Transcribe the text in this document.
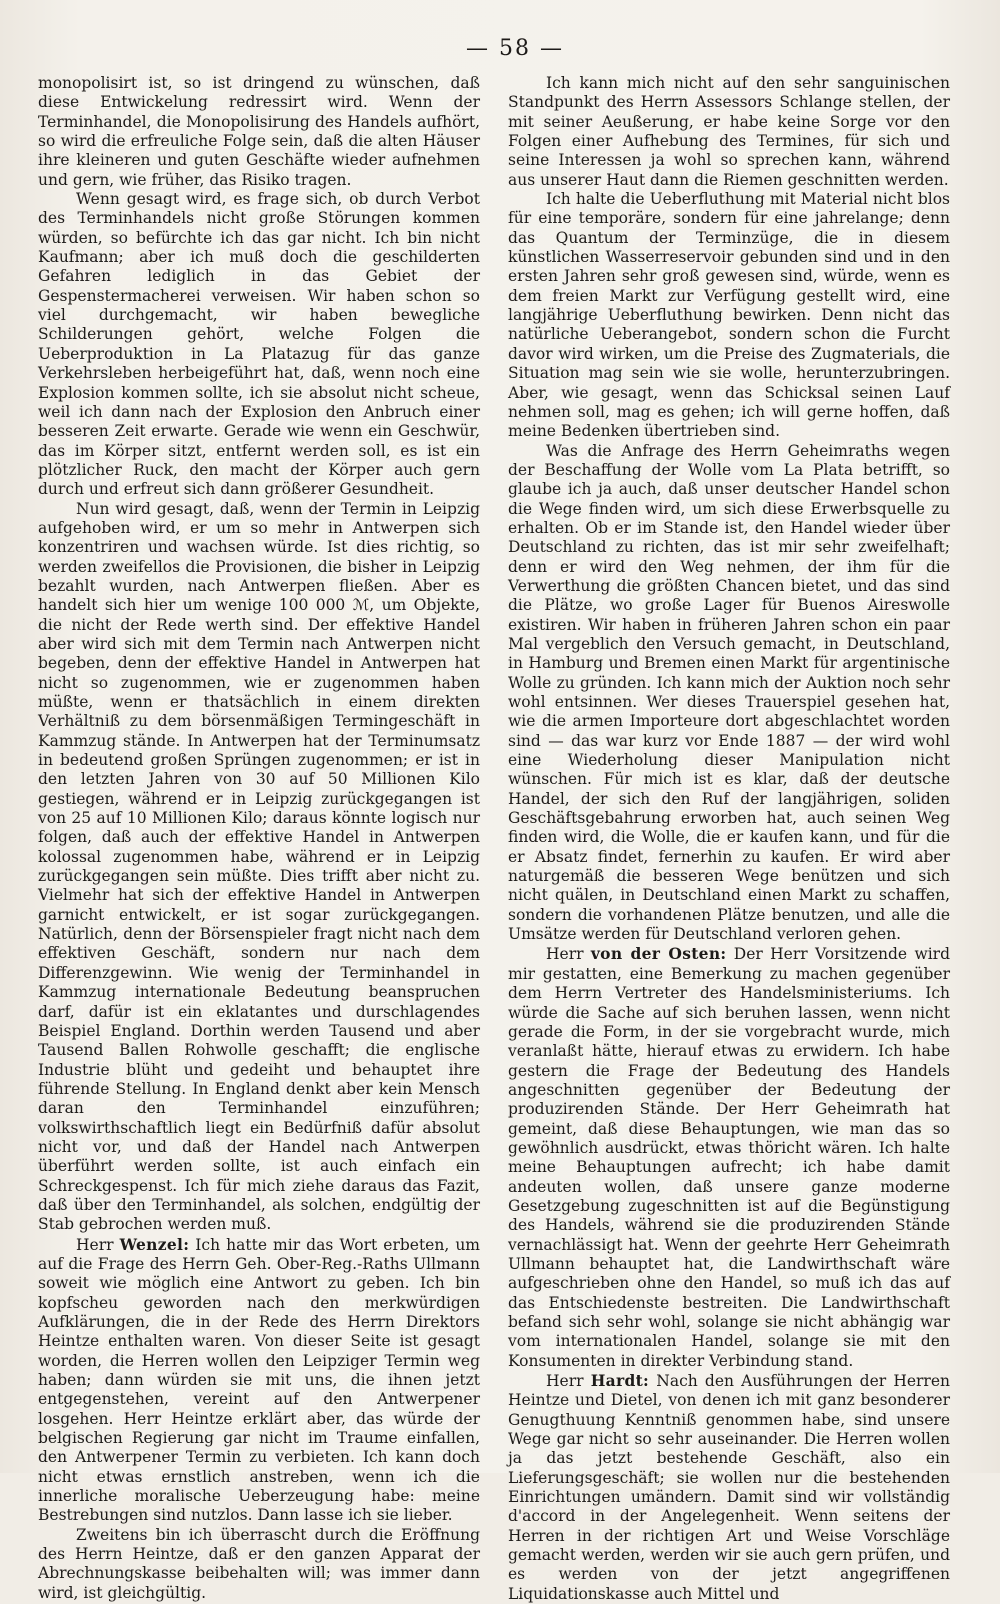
— 58 —

monopolisirt ist, so ist dringend zu wünschen, daß diese Entwickelung redressirt wird. Wenn der Terminhandel, die Monopolisirung des Handels aufhört, so wird die erfreuliche Folge sein, daß die alten Häuser ihre kleineren und guten Geschäfte wieder aufnehmen und gern, wie früher, das Risiko tragen.

Wenn gesagt wird, es frage sich, ob durch Verbot des Terminhandels nicht große Störungen kommen würden, so befürchte ich das gar nicht. Ich bin nicht Kaufmann; aber ich muß doch die geschilderten Gefahren lediglich in das Gebiet der Gespenstermacherei verweisen. Wir haben schon so viel durchgemacht, wir haben bewegliche Schilderungen gehört, welche Folgen die Ueberproduktion in La Platazug für das ganze Verkehrsleben herbeigeführt hat, daß, wenn noch eine Explosion kommen sollte, ich sie absolut nicht scheue, weil ich dann nach der Explosion den Anbruch einer besseren Zeit erwarte. Gerade wie wenn ein Geschwür, das im Körper sitzt, entfernt werden soll, es ist ein plötzlicher Ruck, den macht der Körper auch gern durch und erfreut sich dann größerer Gesundheit.

Nun wird gesagt, daß, wenn der Termin in Leipzig aufgehoben wird, er um so mehr in Antwerpen sich konzentriren und wachsen würde. Ist dies richtig, so werden zweifellos die Provisionen, die bisher in Leipzig bezahlt wurden, nach Antwerpen fließen. Aber es handelt sich hier um wenige 100 000 ℳ, um Objekte, die nicht der Rede werth sind. Der effektive Handel aber wird sich mit dem Termin nach Antwerpen nicht begeben, denn der effektive Handel in Antwerpen hat nicht so zugenommen, wie er zugenommen haben müßte, wenn er thatsächlich in einem direkten Verhältniß zu dem börsenmäßigen Termingeschäft in Kammzug stände. In Antwerpen hat der Terminumsatz in bedeutend großen Sprüngen zugenommen; er ist in den letzten Jahren von 30 auf 50 Millionen Kilo gestiegen, während er in Leipzig zurückgegangen ist von 25 auf 10 Millionen Kilo; daraus könnte logisch nur folgen, daß auch der effektive Handel in Antwerpen kolossal zugenommen habe, während er in Leipzig zurückgegangen sein müßte. Dies trifft aber nicht zu. Vielmehr hat sich der effektive Handel in Antwerpen garnicht entwickelt, er ist sogar zurückgegangen. Natürlich, denn der Börsenspieler fragt nicht nach dem effektiven Geschäft, sondern nur nach dem Differenzgewinn. Wie wenig der Terminhandel in Kammzug internationale Bedeutung beanspruchen darf, dafür ist ein eklatantes und durschlagendes Beispiel England. Dorthin werden Tausend und aber Tausend Ballen Rohwolle geschafft; die englische Industrie blüht und gedeiht und behauptet ihre führende Stellung. In England denkt aber kein Mensch daran den Terminhandel einzuführen; volkswirthschaftlich liegt ein Bedürfniß dafür absolut nicht vor, und daß der Handel nach Antwerpen überführt werden sollte, ist auch einfach ein Schreckgespenst. Ich für mich ziehe daraus das Fazit, daß über den Terminhandel, als solchen, endgültig der Stab gebrochen werden muß.

Herr Wenzel: Ich hatte mir das Wort erbeten, um auf die Frage des Herrn Geh. Ober-Reg.-Raths Ullmann soweit wie möglich eine Antwort zu geben. Ich bin kopfscheu geworden nach den merkwürdigen Aufklärungen, die in der Rede des Herrn Direktors Heintze enthalten waren. Von dieser Seite ist gesagt worden, die Herren wollen den Leipziger Termin weg haben; dann würden sie mit uns, die ihnen jetzt entgegenstehen, vereint auf den Antwerpener losgehen. Herr Heintze erklärt aber, das würde der belgischen Regierung gar nicht im Traume einfallen, den Antwerpener Termin zu verbieten. Ich kann doch nicht etwas ernstlich anstreben, wenn ich die innerliche moralische Ueberzeugung habe: meine Bestrebungen sind nutzlos. Dann lasse ich sie lieber.

Zweitens bin ich überrascht durch die Eröffnung des Herrn Heintze, daß er den ganzen Apparat der Abrechnungskasse beibehalten will; was immer dann wird, ist gleichgültig.

Ich kann mich nicht auf den sehr sanguinischen Standpunkt des Herrn Assessors Schlange stellen, der mit seiner Aeußerung, er habe keine Sorge vor den Folgen einer Aufhebung des Termines, für sich und seine Interessen ja wohl so sprechen kann, während aus unserer Haut dann die Riemen geschnitten werden.

Ich halte die Ueberfluthung mit Material nicht blos für eine temporäre, sondern für eine jahrelange; denn das Quantum der Terminzüge, die in diesem künstlichen Wasserreservoir gebunden sind und in den ersten Jahren sehr groß gewesen sind, würde, wenn es dem freien Markt zur Verfügung gestellt wird, eine langjährige Ueberfluthung bewirken. Denn nicht das natürliche Ueberangebot, sondern schon die Furcht davor wird wirken, um die Preise des Zugmaterials, die Situation mag sein wie sie wolle, herunterzubringen. Aber, wie gesagt, wenn das Schicksal seinen Lauf nehmen soll, mag es gehen; ich will gerne hoffen, daß meine Bedenken übertrieben sind.

Was die Anfrage des Herrn Geheimraths wegen der Beschaffung der Wolle vom La Plata betrifft, so glaube ich ja auch, daß unser deutscher Handel schon die Wege finden wird, um sich diese Erwerbsquelle zu erhalten. Ob er im Stande ist, den Handel wieder über Deutschland zu richten, das ist mir sehr zweifelhaft; denn er wird den Weg nehmen, der ihm für die Verwerthung die größten Chancen bietet, und das sind die Plätze, wo große Lager für Buenos Aireswolle existiren. Wir haben in früheren Jahren schon ein paar Mal vergeblich den Versuch gemacht, in Deutschland, in Hamburg und Bremen einen Markt für argentinische Wolle zu gründen. Ich kann mich der Auktion noch sehr wohl entsinnen. Wer dieses Trauerspiel gesehen hat, wie die armen Importeure dort abgeschlachtet worden sind — das war kurz vor Ende 1887 — der wird wohl eine Wiederholung dieser Manipulation nicht wünschen. Für mich ist es klar, daß der deutsche Handel, der sich den Ruf der langjährigen, soliden Geschäftsgebahrung erworben hat, auch seinen Weg finden wird, die Wolle, die er kaufen kann, und für die er Absatz findet, fernerhin zu kaufen. Er wird aber naturgemäß die besseren Wege benützen und sich nicht quälen, in Deutschland einen Markt zu schaffen, sondern die vorhandenen Plätze benutzen, und alle die Umsätze werden für Deutschland verloren gehen.

Herr von der Osten: Der Herr Vorsitzende wird mir gestatten, eine Bemerkung zu machen gegenüber dem Herrn Vertreter des Handelsministeriums. Ich würde die Sache auf sich beruhen lassen, wenn nicht gerade die Form, in der sie vorgebracht wurde, mich veranlaßt hätte, hierauf etwas zu erwidern. Ich habe gestern die Frage der Bedeutung des Handels angeschnitten gegenüber der Bedeutung der produzirenden Stände. Der Herr Geheimrath hat gemeint, daß diese Behauptungen, wie man das so gewöhnlich ausdrückt, etwas thöricht wären. Ich halte meine Behauptungen aufrecht; ich habe damit andeuten wollen, daß unsere ganze moderne Gesetzgebung zugeschnitten ist auf die Begünstigung des Handels, während sie die produzirenden Stände vernachlässigt hat. Wenn der geehrte Herr Geheimrath Ullmann behauptet hat, die Landwirthschaft wäre aufgeschrieben ohne den Handel, so muß ich das auf das Entschiedenste bestreiten. Die Landwirthschaft befand sich sehr wohl, solange sie nicht abhängig war vom internationalen Handel, solange sie mit den Konsumenten in direkter Verbindung stand.

Herr Hardt: Nach den Ausführungen der Herren Heintze und Dietel, von denen ich mit ganz besonderer Genugthuung Kenntniß genommen habe, sind unsere Wege gar nicht so sehr auseinander. Die Herren wollen ja das jetzt bestehende Geschäft, also ein Lieferungsgeschäft; sie wollen nur die bestehenden Einrichtungen umändern. Damit sind wir vollständig d'accord in der Angelegenheit. Wenn seitens der Herren in der richtigen Art und Weise Vorschläge gemacht werden, werden wir sie auch gern prüfen, und es werden von der jetzt angegriffenen Liquidationskasse auch Mittel und
